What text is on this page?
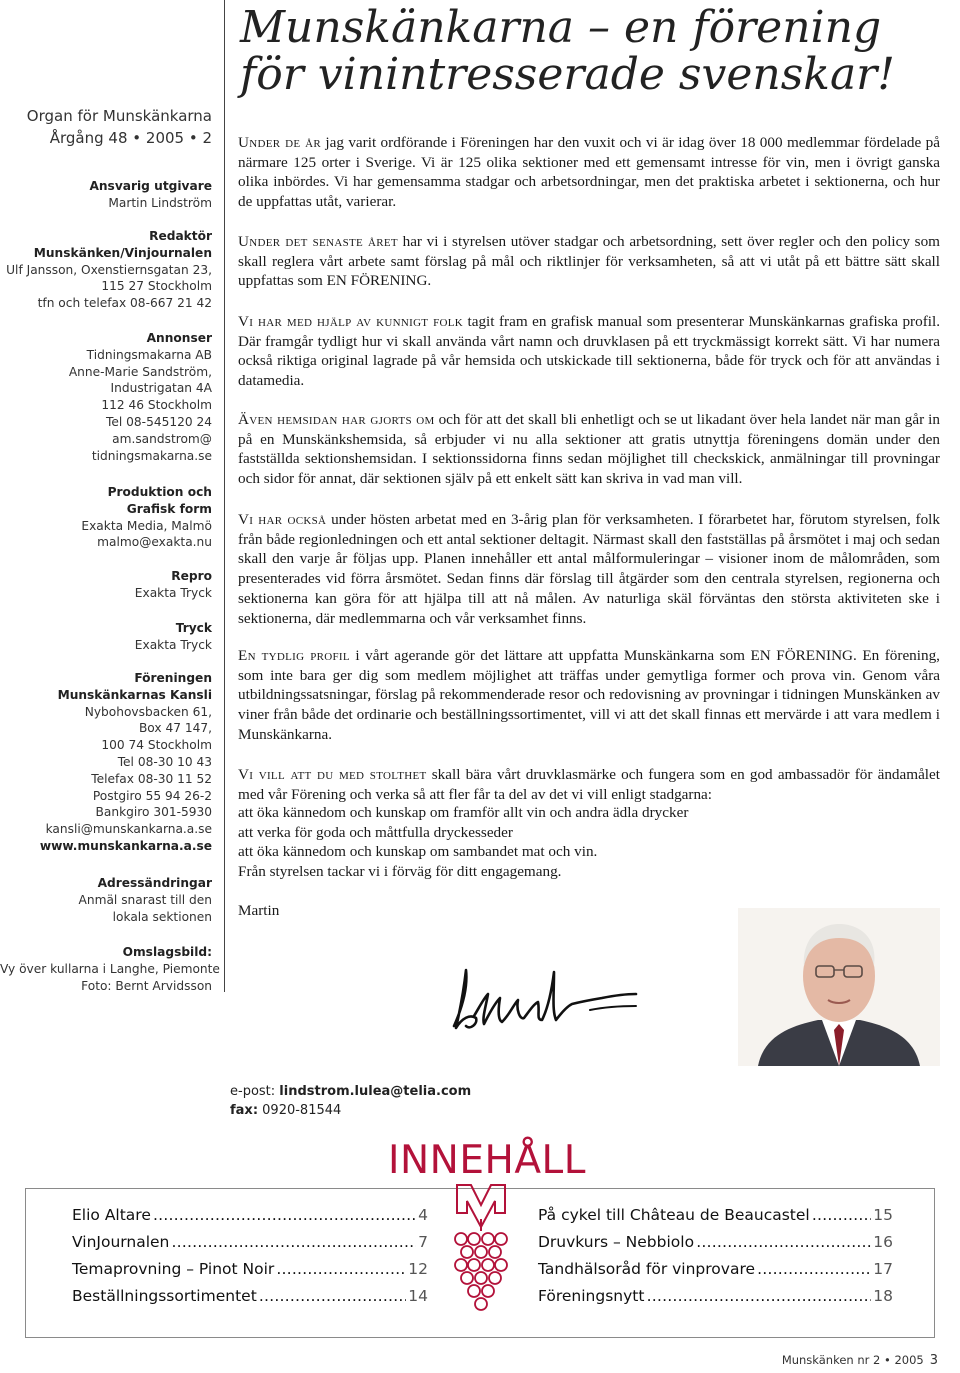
Organ för Munskänkarna
Årgång 48 • 2005 • 2
Ansvarig utgivare
Martin Lindström
Redaktör
Munskänken/Vinjournalen
Ulf Jansson, Oxenstiernsgatan 23,
115 27 Stockholm
tfn och telefax 08-667 21 42
Annonser
Tidningsmakarna AB
Anne-Marie Sandström,
Industrigatan 4A
112 46 Stockholm
Tel 08-545120 24
am.sandstrom@
tidningsmakarna.se
Produktion och
Grafisk form
Exakta Media, Malmö
malmo@exakta.nu
Repro
Exakta Tryck
Tryck
Exakta Tryck
Föreningen
Munskänkarnas Kansli
Nybohovsbacken 61,
Box 47 147,
100 74 Stockholm
Tel 08-30 10 43
Telefax 08-30 11 52
Postgiro 55 94 26-2
Bankgiro 301-5930
kansli@munskankarna.a.se
www.munskankarna.a.se
Adressändringar
Anmäl snarast till den
lokala sektionen
Omslagsbild:
Vy över kullarna i Langhe, Piemonte
Foto: Bernt Arvidsson
Munskänkarna – en förening för vinintresserade svenskar!
Under de år jag varit ordförande i Föreningen har den vuxit och vi är idag över 18 000 medlemmar fördelade på närmare 125 orter i Sverige. Vi är 125 olika sektioner med ett gemensamt intresse för vin, men i övrigt ganska olika inbördes. Vi har gemensamma stadgar och arbetsordningar, men det praktiska arbetet i sektionerna, och hur de uppfattas utåt, varierar.
Under det senaste året har vi i styrelsen utöver stadgar och arbetsordning, sett över regler och den policy som skall reglera vårt arbete samt förslag på mål och riktlinjer för verksamheten, så att vi utåt på ett bättre sätt skall uppfattas som EN FÖRENING.
Vi har med hjälp av kunnigt folk tagit fram en grafisk manual som presenterar Munskänkarnas grafiska profil. Där framgår tydligt hur vi skall använda vårt namn och druvklasen på ett tryckmässigt korrekt sätt. Vi har numera också riktiga original lagrade på vår hemsida och utskickade till sektionerna, både för tryck och för att användas i datamedia.
Även hemsidan har gjorts om och för att det skall bli enhetligt och se ut likadant över hela landet när man går in på en Munskänkshemsida, så erbjuder vi nu alla sektioner att gratis utnyttja föreningens domän under den fastställda sektionshemsidan. I sektionssidorna finns sedan möjlighet till checkskick, anmälningar till provningar och sidor för annat, där sektionen själv på ett enkelt sätt kan skriva in vad man vill.
Vi har också under hösten arbetat med en 3-årig plan för verksamheten. I förarbetet har, förutom styrelsen, folk från både regionledningen och ett antal sektioner deltagit. Närmast skall den fastställas på årsmötet i maj och sedan skall den varje år följas upp. Planen innehåller ett antal målformuleringar – visioner inom de målområden, som presenterades vid förra årsmötet. Sedan finns där förslag till åtgärder som den centrala styrelsen, regionerna och sektionerna kan göra för att hjälpa till att nå målen. Av naturliga skäl förväntas den största aktiviteten ske i sektionerna, där medlemmarna och vår verksamhet finns.
En tydlig profil i vårt agerande gör det lättare att uppfatta Munskänkarna som EN FÖRENING. En förening, som inte bara ger dig som medlem möjlighet att träffas under gemytliga former och prova vin. Genom våra utbildningssatsningar, förslag på rekommenderade resor och redovisning av provningar i tidningen Munskänken av viner från både det ordinarie och beställningssortimentet, vill vi att det skall finnas ett mervärde i att vara medlem i Munskänkarna.
Vi vill att du med stolthet skall bära vårt druvklasmärke och fungera som en god ambassadör för ändamålet med vår Förening och verka så att fler får ta del av det vi vill enligt stadgarna:
att öka kännedom och kunskap om framför allt vin och andra ädla drycker
att verka för goda och måttfulla dryckesseder
att öka kännedom och kunskap om sambandet mat och vin.
Från styrelsen tackar vi i förväg för ditt engagemang.
Martin
e-post: lindstrom.lulea@telia.com
fax: 0920-81544
INNEHÅLL
Elio Altare ……………………………………………………………………………………………………………………	4
VinJournalen ……………………………………………………………………………………………………………………	7
Temaprovning – Pinot Noir ……………………………………………………………………………………………………………………	12
Beställningssortimentet ……………………………………………………………………………………………………………………	14
På cykel till Château de Beaucastel ……………………………………………………………………………………………………………………	15
Druvkurs – Nebbiolo ……………………………………………………………………………………………………………………	16
Tandhälsoråd för vinprovare ……………………………………………………………………………………………………………………	17
Föreningsnytt ……………………………………………………………………………………………………………………	18
Munskänken nr 2 • 2005 3
